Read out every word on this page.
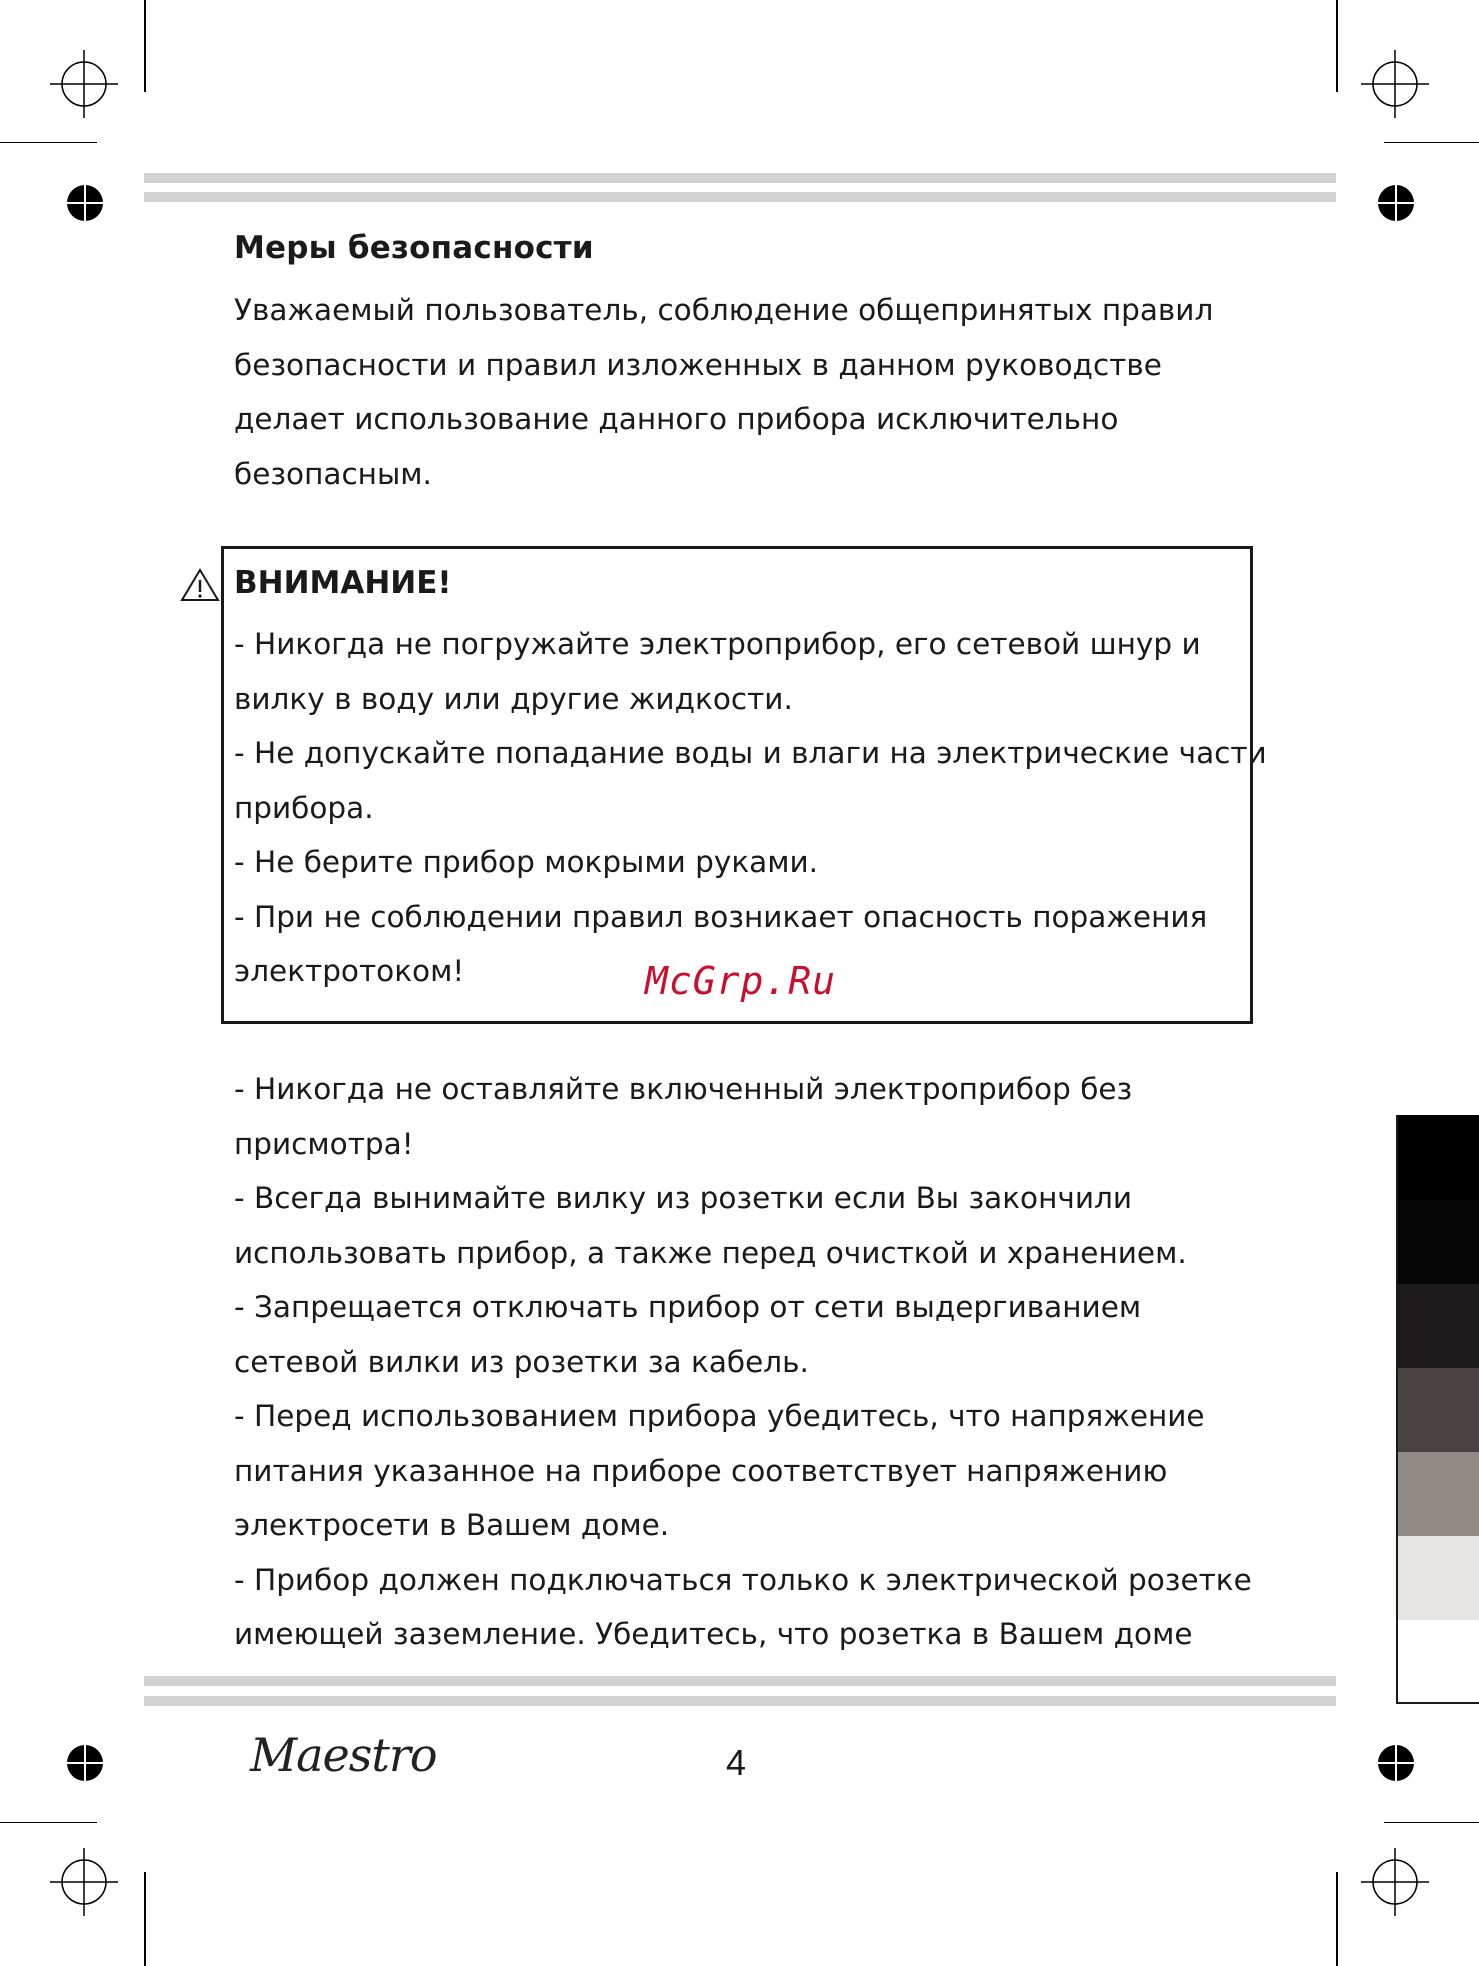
Меры безопасности
Уважаемый пользователь, соблюдение общепринятых правил
безопасности и правил изложенных в данном руководстве
делает использование данного прибора исключительно
безопасным.
ВНИМАНИЕ!
- Никогда не погружайте электроприбор, его сетевой шнур и
вилку в воду или другие жидкости.
- Не допускайте попадание воды и влаги на электрические части
прибора.
- Не берите прибор мокрыми руками.
- При не соблюдении правил возникает опасность поражения
электротоком!	McGrp.Ru
- Никогда не оставляйте включенный электроприбор без
присмотра!
- Всегда вынимайте вилку из розетки если Вы закончили
использовать прибор, а также перед очисткой и хранением.
- Запрещается отключать прибор от сети выдергиванием
сетевой вилки из розетки за кабель.
- Перед использованием прибора убедитесь, что напряжение
питания указанное на приборе соответствует напряжению
электросети в Вашем доме.
- Прибор должен подключаться только к электрической розетке
имеющей заземление. Убедитесь, что розетка в Вашем доме
Maestro	4
